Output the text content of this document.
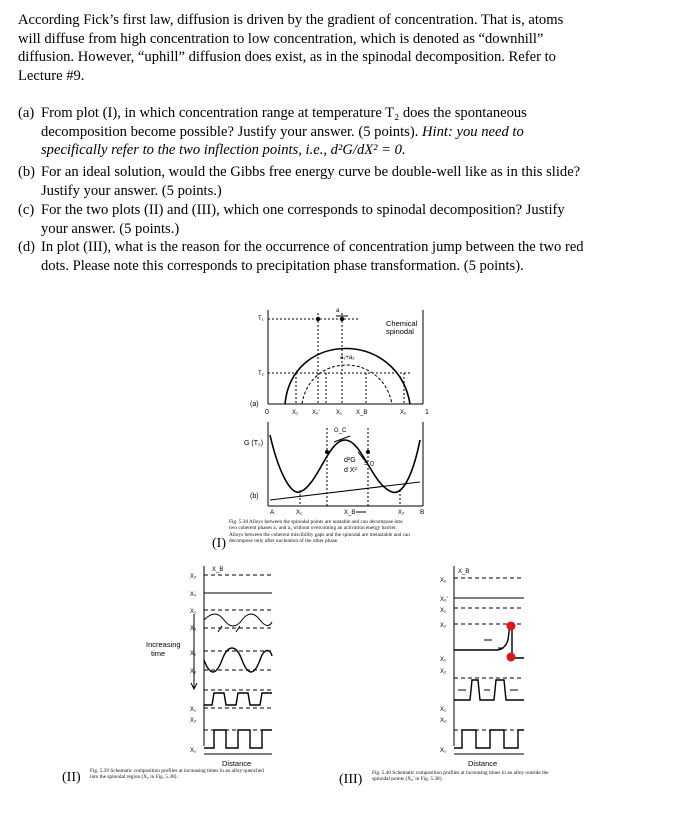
According Fick’s first law, diffusion is driven by the gradient of concentration. That is, atoms
will diffuse from high concentration to low concentration, which is denoted as “downhill”
diffusion. However, “uphill” diffusion does exist, as in the spinodal decomposition. Refer to
Lecture #9.
(a) From plot (I), in which concentration range at temperature T₂ does the spontaneous
decomposition become possible? Justify your answer. (5 points). Hint: you need to
specifically refer to the two inflection points, i.e., d²G/dX² = 0.
(b) For an ideal solution, would the Gibbs free energy curve be double-well like as in this slide?
Justify your answer. (5 points.)
(c) For the two plots (II) and (III), which one corresponds to spinodal decomposition? Justify
your answer. (5 points.)
(d) In plot (III), what is the reason for the occurrence of concentration jump between the two red
dots. Please note this corresponds to precipitation phase transformation. (5 points).
a
T₁
T₂
Chemical
spinodal
a₁+a₂
(a)
0	1
X₁ X₀'	X₁ X_B	X₂
G (T₂)
G_C
d²G
= 0
d X²
(b)
A	X₁	X_B	X₂ B
Fig. 5.38 Alloys between the spinodal points are unstable and can decompose into
two coherent phases a₁ and a₂ without overcoming an activation energy barrier.
Alloys between the coherent miscibility gaps and the spinodal are metastable and can
decompose only after nucleation of the other phase.
(I)
X_B
X₂
X₀
X₁
X₂
Increasing
time	X₁
X₂
X₁
X₂
X₁
Distance
X_B
X₂
X₀'
X₁
X₂
X₁
X₂
X₁
X₂
X₁
Distance
Fig. 5.39 Schematic composition profiles at increasing times in an alloy quenched
into the spinodal region (X₀ in Fig. 5.38).
(II)	Fig. 5.40 Schematic composition profiles at increasing times in an alloy outside the
spinodal points (X₀' in Fig. 5.38).
(III)
